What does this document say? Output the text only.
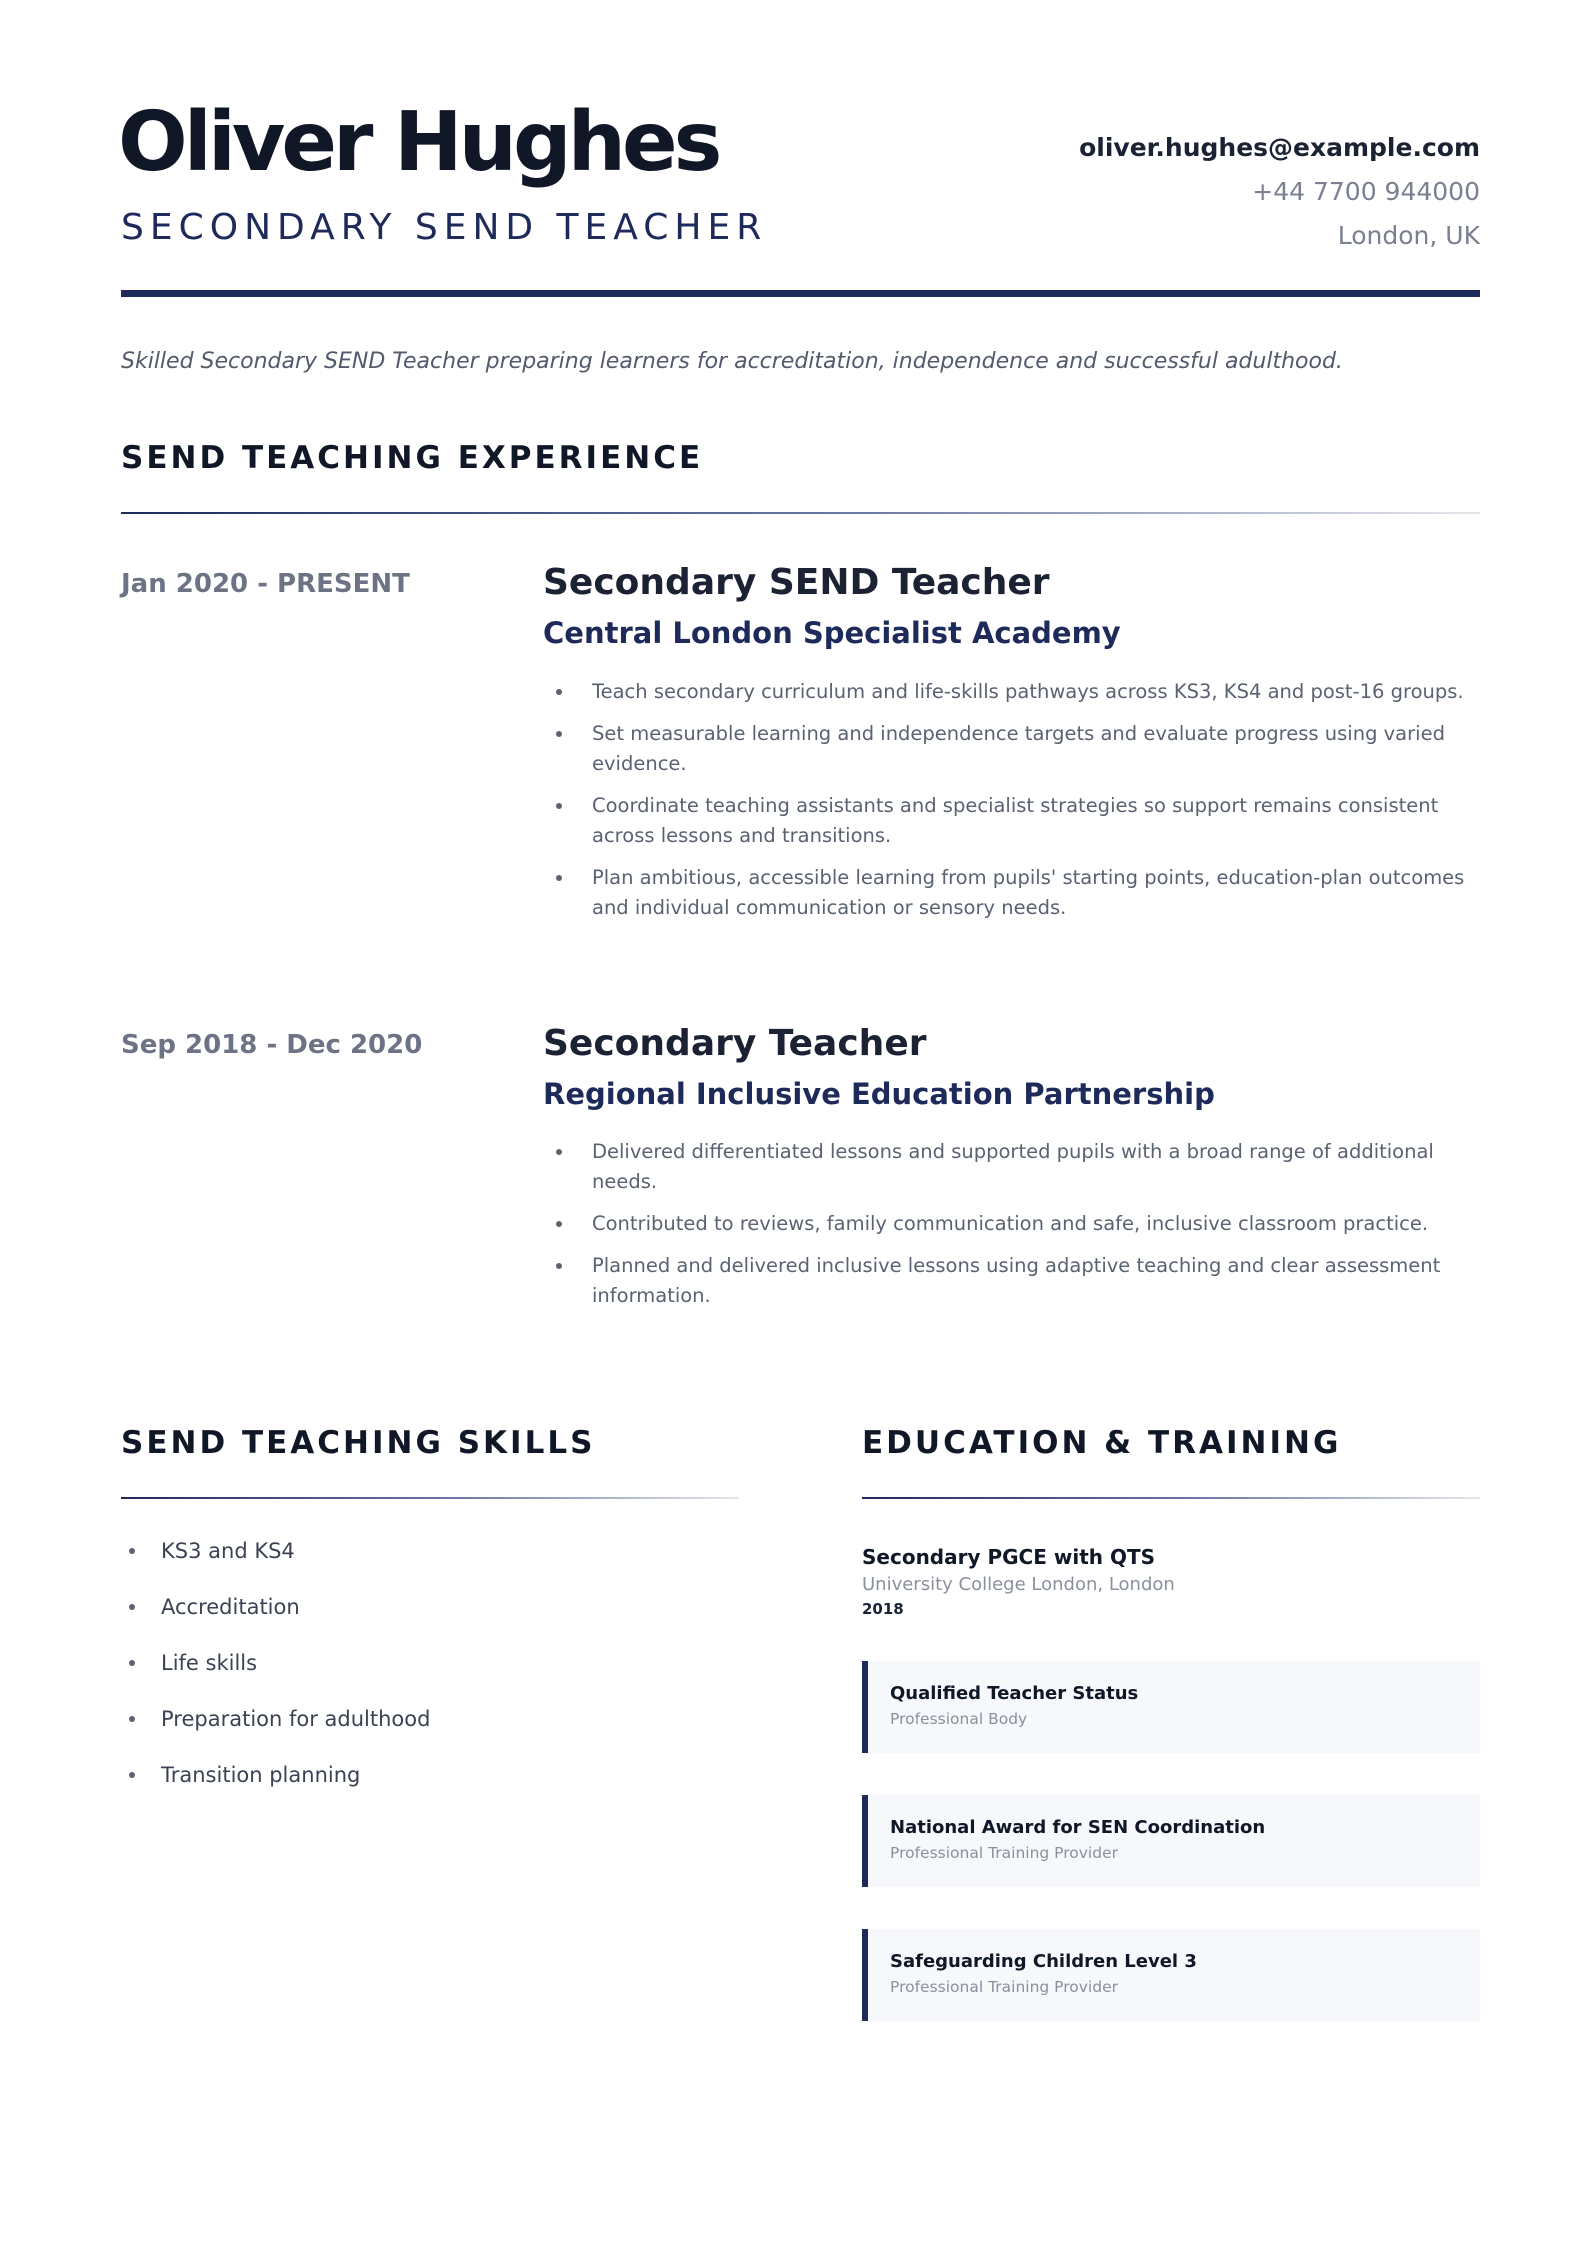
Oliver Hughes
SECONDARY SEND TEACHER
oliver.hughes@example.com
+44 7700 944000
London, UK
Skilled Secondary SEND Teacher preparing learners for accreditation, independence and successful adulthood.
SEND TEACHING EXPERIENCE
Jan 2020 - PRESENT	Secondary SEND Teacher
Central London Specialist Academy
Teach secondary curriculum and life-skills pathways across KS3, KS4 and post-16 groups.
Set measurable learning and independence targets and evaluate progress using varied evidence.
Coordinate teaching assistants and specialist strategies so support remains consistent across lessons and transitions.
Plan ambitious, accessible learning from pupils' starting points, education-plan outcomes and individual communication or sensory needs.
Sep 2018 - Dec 2020	Secondary Teacher
Regional Inclusive Education Partnership
Delivered differentiated lessons and supported pupils with a broad range of additional needs.
Contributed to reviews, family communication and safe, inclusive classroom practice.
Planned and delivered inclusive lessons using adaptive teaching and clear assessment information.
SEND TEACHING SKILLS
KS3 and KS4
Accreditation
Life skills
Preparation for adulthood
Transition planning
EDUCATION & TRAINING
Secondary PGCE with QTS
University College London, London
2018
Qualified Teacher Status
Professional Body
National Award for SEN Coordination
Professional Training Provider
Safeguarding Children Level 3
Professional Training Provider
